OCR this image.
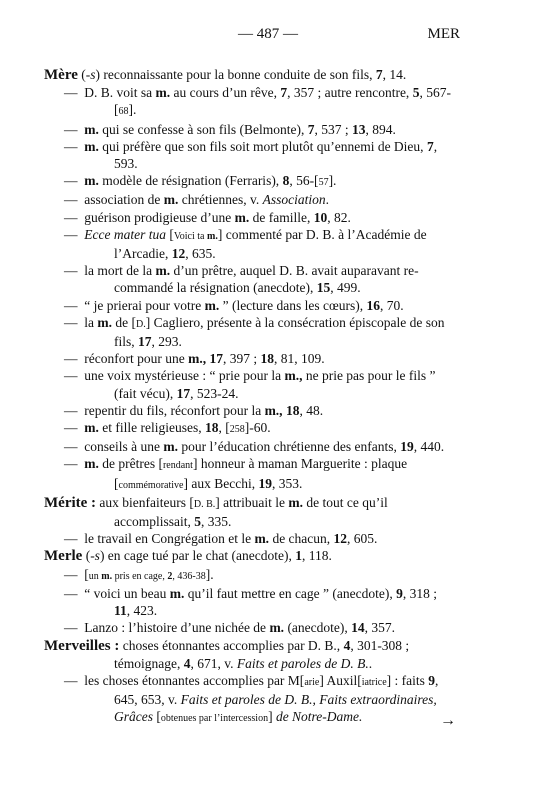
— 487 —	MER

Mère (-s) reconnaissante pour la bonne conduite de son fils, 7, 14.

—  D. B. voit sa m. au cours d’un rêve, 7, 357 ; autre rencontre, 5, 567-[68].

—  m. qui se confesse à son fils (Belmonte), 7, 537 ; 13, 894.

—  m. qui préfère que son fils soit mort plutôt qu’ennemi de Dieu, 7, 593.

—  m. modèle de résignation (Ferraris), 8, 56-[57].

—  association de m. chrétiennes, v. Association.

—  guérison prodigieuse d’une m. de famille, 10, 82.

—  Ecce mater tua [Voici ta m.] commenté par D. B. à l’Académie de l’Arcadie, 12, 635.

—  la mort de la m. d’un prêtre, auquel D. B. avait auparavant recommandé la résignation (anecdote), 15, 499.

—  “ je prierai pour votre m. ” (lecture dans les cœurs), 16, 70.

—  la m. de [D.] Cagliero, présente à la consécration épiscopale de son fils, 17, 293.

—  réconfort pour une m., 17, 397 ; 18, 81, 109.

—  une voix mystérieuse : “ prie pour la m., ne prie pas pour le fils ” (fait vécu), 17, 523-24.

—  repentir du fils, réconfort pour la m., 18, 48.

—  m. et fille religieuses, 18, [258]-60.

—  conseils à une m. pour l’éducation chrétienne des enfants, 19, 440.

—  m. de prêtres [rendant] honneur à maman Marguerite : plaque [commémorative] aux Becchi, 19, 353.

Mérite : aux bienfaiteurs [D. B.] attribuait le m. de tout ce qu’il accomplissait, 5, 335.

—  le travail en Congrégation et le m. de chacun, 12, 605.

Merle (-s) en cage tué par le chat (anecdote), 1, 118.

—  [un m. pris en cage, 2, 436-38].

—  “ voici un beau m. qu’il faut mettre en cage ” (anecdote), 9, 318 ; 11, 423.

—  Lanzo : l’histoire d’une nichée de m. (anecdote), 14, 357.

Merveilles : choses étonnantes accomplies par D. B., 4, 301-308 ; témoignage, 4, 671, v. Faits et paroles de D. B..

—  les choses étonnantes accomplies par M[arie] Auxil[iatrice] : faits 9, 645, 653, v. Faits et paroles de D. B., Faits extraordinaires, Grâces [obtenues par l’intercession] de Notre-Dame.	→
